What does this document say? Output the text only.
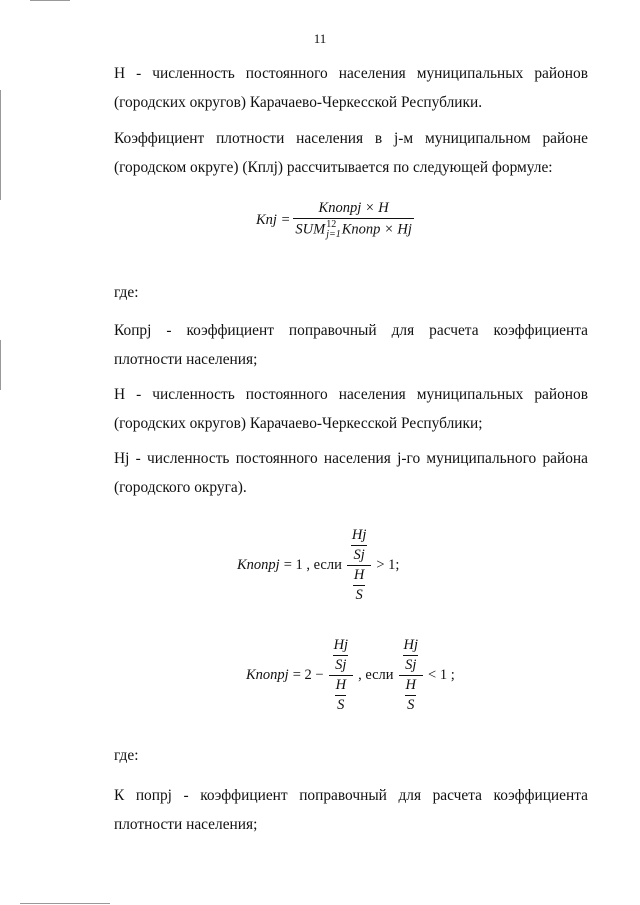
11
Н - численность постоянного населения муниципальных районов
(городских округов) Карачаево-Черкесской Республики.
Коэффициент плотности населения в j-м муниципальном районе
(городском округе) (Кплj) рассчитывается по следующей формуле:
Knj = Knonpj × H
SUM 12
j=1 Knonp × Hj
где:
Копрj - коэффициент поправочный для расчета коэффициента
плотности населения;
Н - численность постоянного населения муниципальных районов
(городских округов) Карачаево-Черкесской Республики;
Нj - численность постоянного населения j-го муниципального района
(городского округа).
Knonpj = 1 , если $\frac{\frac{Hj}{Sj}}{\frac{H}{S}} > 1$;
Knonpj = $2 - \frac{\frac{Hj}{Sj}}{\frac{H}{S}}$ , если $\frac{\frac{Hj}{Sj}}{\frac{H}{S}} < 1$ ;
где:
К попрj - коэффициент поправочный для расчета коэффициента
плотности населения;
